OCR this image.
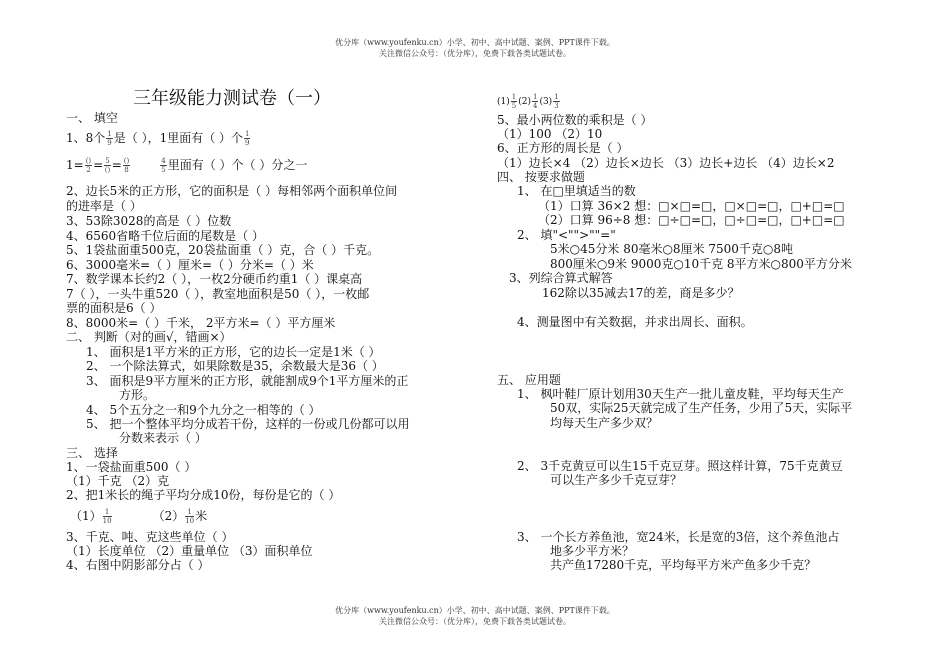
优分库（www.youfenku.cn）小学、初中、高中试题、案例、PPT课件下载。
关注微信公众号：（优分库），免费下载各类试题试卷。
三年级能力测试卷（一）
一、 填空
1、8个 $\frac{1}{9}$ 是（ ），1里面有（ ）个 $\frac{1}{9}$
1= ()
2 = 5
() = ()
8	$\frac{4}{5}$ 里面有（ ）个（ ）分之一
2、边长5米的正方形，它的面积是（ ）每相邻两个面积单位间
的进率是（ ）
3、53除3028的高是（ ）位数
4、6560省略千位后面的尾数是（ ）
5、1袋盐面重500克，20袋盐面重（ ）克，合（ ）千克。
6、3000毫米=（ ）厘米=（ ）分米=（ ）米
7、数学课本长约2（ ），一枚2分硬币约重1（ ）课桌高
7（ ），一头牛重520（ ），教室地面积是50（ ），一枚邮
票的面积是6（ ）
8、8000米=（ ）千米， 2平方米=（ ）平方厘米
二、 判断（对的画√，错画×）
1、 面积是1平方米的正方形，它的边长一定是1米（ ）
2、 一个除法算式，如果除数是35，余数最大是36（ ）
3、 面积是9平方厘米的正方形，就能割成9个1平方厘米的正
方形。
4、 5个五分之一和9个九分之一相等的（ ）
5、 把一个整体平均分成若干份，这样的一份或几份都可以用
分数来表示（ ）
三、 选择
1、一袋盐面重500（ ）
（1）千克 （2）克
2、把1米长的绳子平均分成10份，每份是它的（ ）
$(1) \frac{1}{10}$	$(2) \frac{1}{10}$ 米
3、千克、吨、克这些单位（ ）
（1）长度单位 （2）重量单位 （3）面积单位
4、右图中阴影部分占（ ）
$(1) \frac{1}{5} (2) \frac{1}{4} (3) \frac{1}{3}$
5、最小两位数的乘积是（ ）
（1）100 （2）10
6、正方形的周长是（ ）
（1）边长×4 （2）边长×边长 （3）边长+边长 （4）边长×2
四、 按要求做题
1、 在□里填适当的数
（1）口算 36×2 想：□×□=□，□×□=□，□+□=□
（2）口算 96÷8 想：□÷□=□，□÷□=□，□+□=□
2、 填"<"">""="
5米○45分米 80毫米○8厘米 7500千克○8吨
800厘米○9米 9000克○10千克 8平方米○800平方分米
3、列综合算式解答
162除以35减去17的差，商是多少？
4、测量图中有关数据，并求出周长、面积。
五、 应用题
1、 枫叶鞋厂原计划用30天生产一批儿童皮鞋，平均每天生产
50双，实际25天就完成了生产任务，少用了5天，实际平
均每天生产多少双？
2、 3千克黄豆可以生15千克豆芽。照这样计算，75千克黄豆
可以生产多少千克豆芽？
3、 一个长方养鱼池，宽24米，长是宽的3倍，这个养鱼池占
地多少平方米？
共产鱼17280千克，平均每平方米产鱼多少千克？
优分库（www.youfenku.cn）小学、初中、高中试题、案例、PPT课件下载。
关注微信公众号：（优分库），免费下载各类试题试卷。
